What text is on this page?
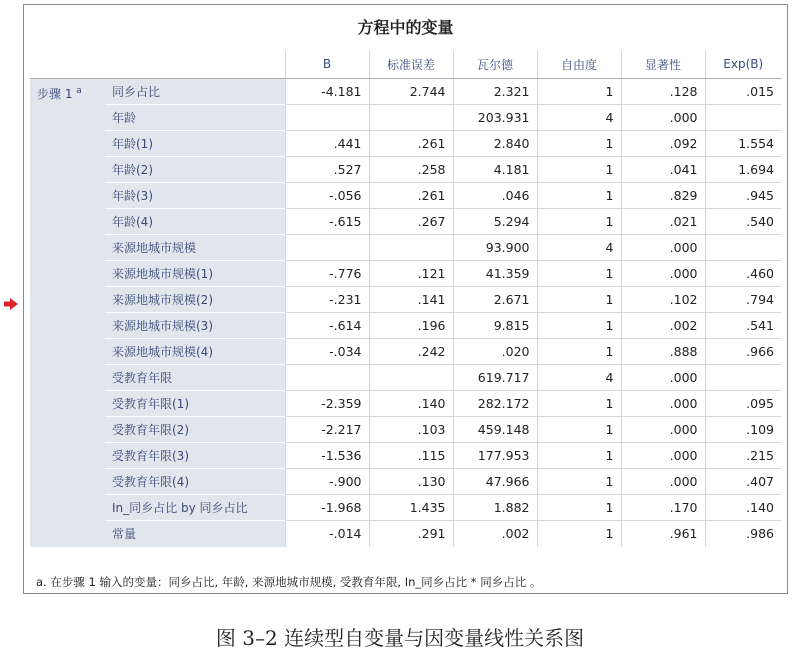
方程中的变量
		B	标准误差	瓦尔德	自由度	显著性	Exp(B)
步骤 1 $^a$	同乡占比	-4.181	2.744	2.321	1	.128	.015
	年龄			203.931	4	.000	
	年龄(1)	.441	.261	2.840	1	.092	1.554
	年龄(2)	.527	.258	4.181	1	.041	1.694
	年龄(3)	-.056	.261	.046	1	.829	.945
	年龄(4)	-.615	.267	5.294	1	.021	.540
	来源地城市规模			93.900	4	.000	
	来源地城市规模(1)	-.776	.121	41.359	1	.000	.460
	来源地城市规模(2)	-.231	.141	2.671	1	.102	.794
	来源地城市规模(3)	-.614	.196	9.815	1	.002	.541
	来源地城市规模(4)	-.034	.242	.020	1	.888	.966
	受教育年限			619.717	4	.000	
	受教育年限(1)	-2.359	.140	282.172	1	.000	.095
	受教育年限(2)	-2.217	.103	459.148	1	.000	.109
	受教育年限(3)	-1.536	.115	177.953	1	.000	.215
	受教育年限(4)	-.900	.130	47.966	1	.000	.407
	In_同乡占比 by 同乡占比	-1.968	1.435	1.882	1	.170	.140
	常量	-.014	.291	.002	1	.961	.986
a. 在步骤 1 输入的变量：同乡占比, 年龄, 来源地城市规模, 受教育年限, In_同乡占比 * 同乡占比 。
图 3–2 连续型自变量与因变量线性关系图
